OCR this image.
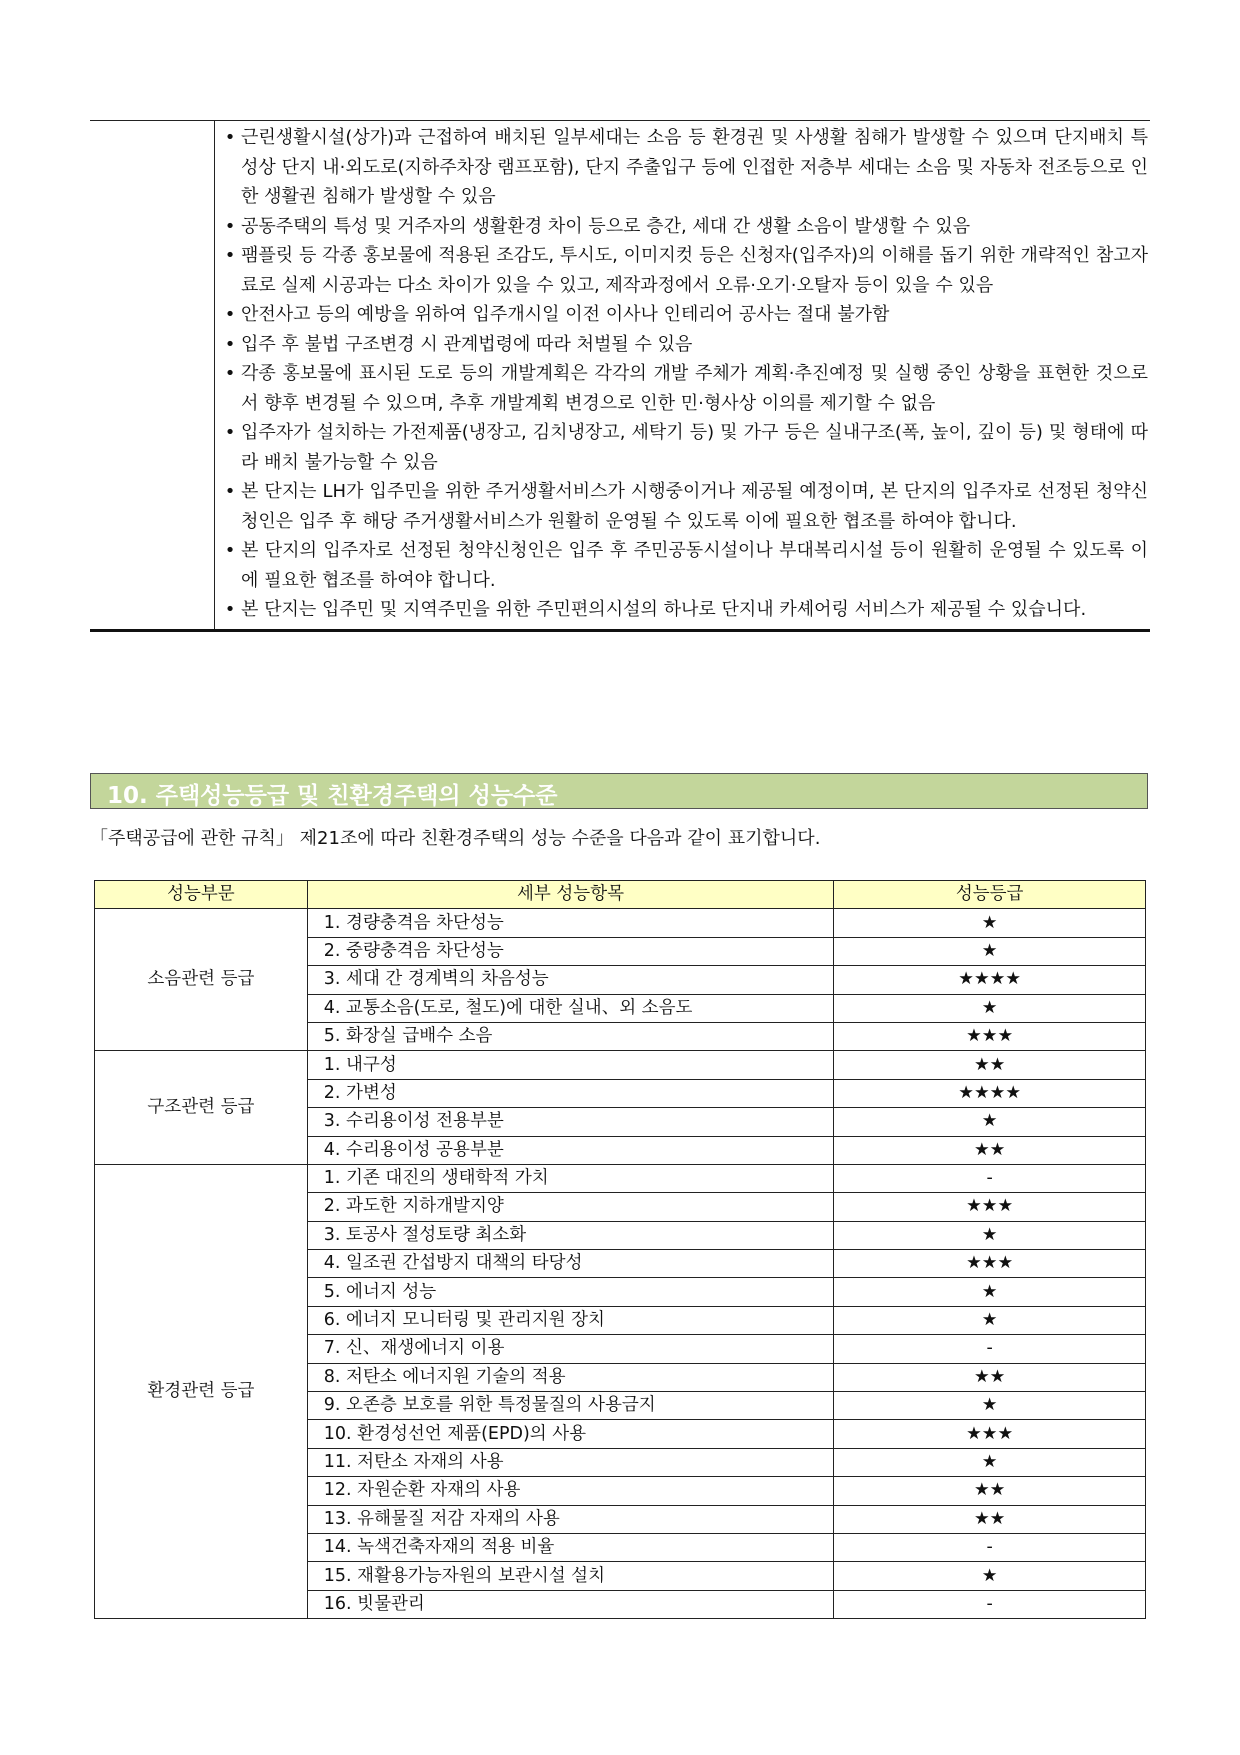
• 근린생활시설(상가)과 근접하여 배치된 일부세대는 소음 등 환경권 및 사생활 침해가 발생할 수 있으며 단지배치 특성상 단지 내·외도로(지하주차장 램프포함), 단지 주출입구 등에 인접한 저층부 세대는 소음 및 자동차 전조등으로 인한 생활권 침해가 발생할 수 있음
• 공동주택의 특성 및 거주자의 생활환경 차이 등으로 층간, 세대 간 생활 소음이 발생할 수 있음
• 팸플릿 등 각종 홍보물에 적용된 조감도, 투시도, 이미지컷 등은 신청자(입주자)의 이해를 돕기 위한 개략적인 참고자료로 실제 시공과는 다소 차이가 있을 수 있고, 제작과정에서 오류·오기·오탈자 등이 있을 수 있음
• 안전사고 등의 예방을 위하여 입주개시일 이전 이사나 인테리어 공사는 절대 불가함
• 입주 후 불법 구조변경 시 관계법령에 따라 처벌될 수 있음
• 각종 홍보물에 표시된 도로 등의 개발계획은 각각의 개발 주체가 계획·추진예정 및 실행 중인 상황을 표현한 것으로서 향후 변경될 수 있으며, 추후 개발계획 변경으로 인한 민·형사상 이의를 제기할 수 없음
• 입주자가 설치하는 가전제품(냉장고, 김치냉장고, 세탁기 등) 및 가구 등은 실내구조(폭, 높이, 깊이 등) 및 형태에 따라 배치 불가능할 수 있음
• 본 단지는 LH가 입주민을 위한 주거생활서비스가 시행중이거나 제공될 예정이며, 본 단지의 입주자로 선정된 청약신청인은 입주 후 해당 주거생활서비스가 원활히 운영될 수 있도록 이에 필요한 협조를 하여야 합니다.
• 본 단지의 입주자로 선정된 청약신청인은 입주 후 주민공동시설이나 부대복리시설 등이 원활히 운영될 수 있도록 이에 필요한 협조를 하여야 합니다.
• 본 단지는 입주민 및 지역주민을 위한 주민편의시설의 하나로 단지내 카셰어링 서비스가 제공될 수 있습니다.
10. 주택성능등급 및 친환경주택의 성능수준
「주택공급에 관한 규칙」 제21조에 따라 친환경주택의 성능 수준을 다음과 같이 표기합니다.
성능부문	세부 성능항목	성능등급
소음관련 등급	1. 경량충격음 차단성능	★
	2. 중량충격음 차단성능	★
	3. 세대 간 경계벽의 차음성능	★★★★
	4. 교통소음(도로, 철도)에 대한 실내、외 소음도	★
	5. 화장실 급배수 소음	★★★
구조관련 등급	1. 내구성	★★
	2. 가변성	★★★★
	3. 수리용이성 전용부분	★
	4. 수리용이성 공용부분	★★
환경관련 등급	1. 기존 대진의 생태학적 가치	-
	2. 과도한 지하개발지양	★★★
	3. 토공사 절성토량 최소화	★
	4. 일조권 간섭방지 대책의 타당성	★★★
	5. 에너지 성능	★
	6. 에너지 모니터링 및 관리지원 장치	★
	7. 신、재생에너지 이용	-
	8. 저탄소 에너지원 기술의 적용	★★
	9. 오존층 보호를 위한 특정물질의 사용금지	★
	10. 환경성선언 제품(EPD)의 사용	★★★
	11. 저탄소 자재의 사용	★
	12. 자원순환 자재의 사용	★★
	13. 유해물질 저감 자재의 사용	★★
	14. 녹색건축자재의 적용 비율	-
	15. 재활용가능자원의 보관시설 설치	★
	16. 빗물관리	-
